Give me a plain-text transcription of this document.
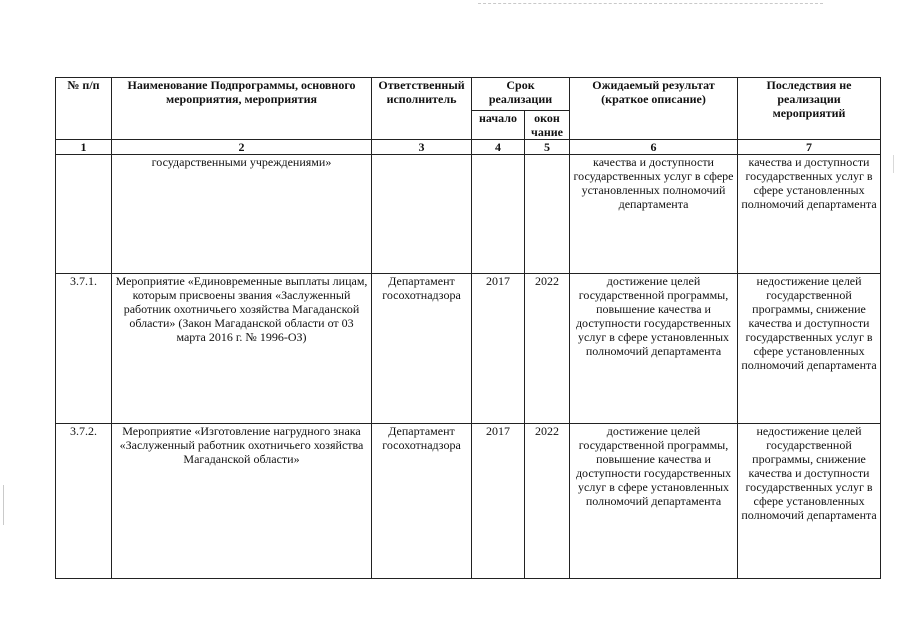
№ п/п	Наименование Подпрограммы, основного мероприятия, мероприятия	Ответственный исполнитель	Срок реализации		Ожидаемый результат (краткое описание)	Последствия не реализации мероприятий
			начало	окон чание		
1	2	3	4	5	6	7
	государственными учреждениями»				качества и доступности государственных услуг в сфере установленных полномочий департамента	качества и доступности государственных услуг в сфере установленных полномочий департамента
3.7.1.	Мероприятие «Единовременные выплаты лицам, которым присвоены звания «Заслуженный работник охотничьего хозяйства Магаданской области» (Закон Магаданской области от 03 марта 2016 г. № 1996-ОЗ)	Департамент госохотнадзора	2017	2022	достижение целей государственной программы, повышение качества и доступности государственных услуг в сфере установленных полномочий департамента	недостижение целей государственной программы, снижение качества и доступности государственных услуг в сфере установленных полномочий департамента
3.7.2.	Мероприятие «Изготовление нагрудного знака «Заслуженный работник охотничьего хозяйства Магаданской области»	Департамент госохотнадзора	2017	2022	достижение целей государственной программы, повышение качества и доступности государственных услуг в сфере установленных полномочий департамента	недостижение целей государственной программы, снижение качества и доступности государственных услуг в сфере установленных полномочий департамента
